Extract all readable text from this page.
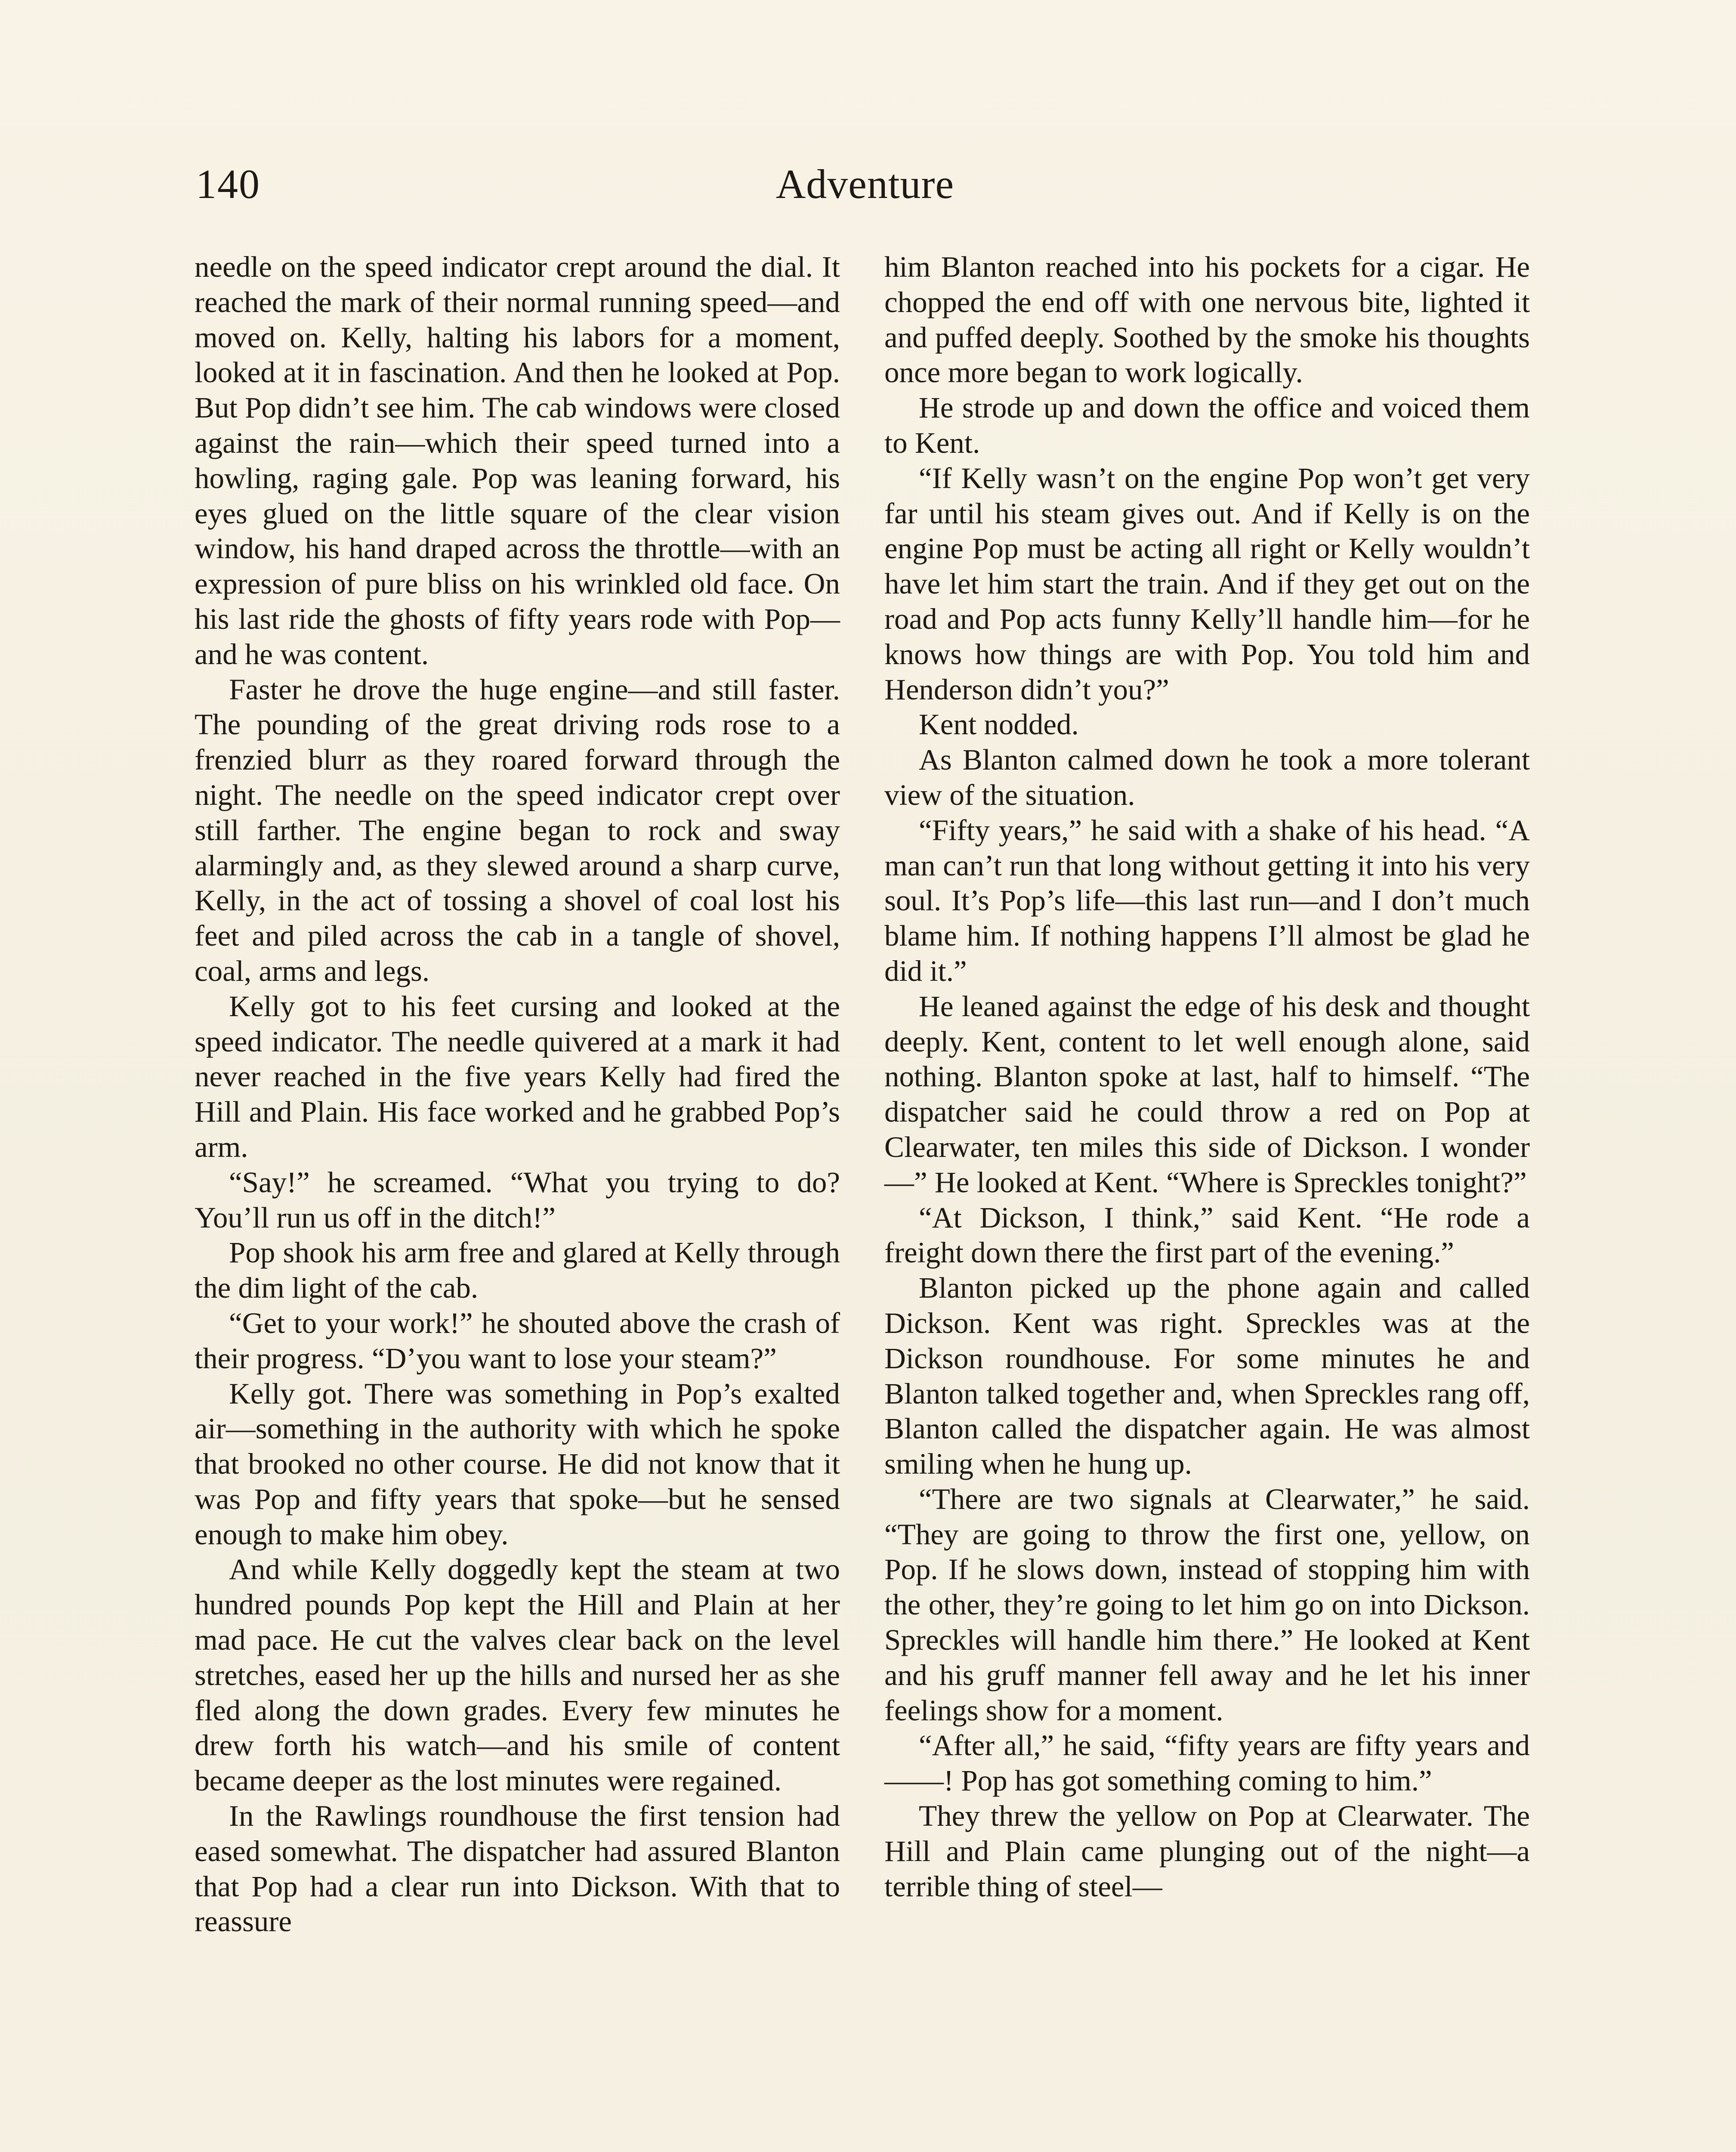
140	Adventure

needle on the speed indicator crept around the dial. It reached the mark of their normal running speed—and moved on. Kelly, halting his labors for a moment, looked at it in fascination. And then he looked at Pop. But Pop didn’t see him. The cab windows were closed against the rain—which their speed turned into a howling, raging gale. Pop was leaning forward, his eyes glued on the little square of the clear vision window, his hand draped across the throttle—with an expression of pure bliss on his wrinkled old face. On his last ride the ghosts of fifty years rode with Pop—and he was content.

Faster he drove the huge engine—and still faster. The pounding of the great driving rods rose to a frenzied blurr as they roared forward through the night. The needle on the speed indicator crept over still farther. The engine began to rock and sway alarmingly and, as they slewed around a sharp curve, Kelly, in the act of tossing a shovel of coal lost his feet and piled across the cab in a tangle of shovel, coal, arms and legs.

Kelly got to his feet cursing and looked at the speed indicator. The needle quivered at a mark it had never reached in the five years Kelly had fired the Hill and Plain. His face worked and he grabbed Pop’s arm.

“Say!” he screamed. “What you trying to do? You’ll run us off in the ditch!”

Pop shook his arm free and glared at Kelly through the dim light of the cab.

“Get to your work!” he shouted above the crash of their progress. “D’you want to lose your steam?”

Kelly got. There was something in Pop’s exalted air—something in the authority with which he spoke that brooked no other course. He did not know that it was Pop and fifty years that spoke—but he sensed enough to make him obey.

And while Kelly doggedly kept the steam at two hundred pounds Pop kept the Hill and Plain at her mad pace. He cut the valves clear back on the level stretches, eased her up the hills and nursed her as she fled along the down grades. Every few minutes he drew forth his watch—and his smile of content became deeper as the lost minutes were regained.

In the Rawlings roundhouse the first tension had eased somewhat. The dispatcher had assured Blanton that Pop had a clear run into Dickson. With that to reassure

him Blanton reached into his pockets for a cigar. He chopped the end off with one nervous bite, lighted it and puffed deeply. Soothed by the smoke his thoughts once more began to work logically.

He strode up and down the office and voiced them to Kent.

“If Kelly wasn’t on the engine Pop won’t get very far until his steam gives out. And if Kelly is on the engine Pop must be acting all right or Kelly wouldn’t have let him start the train. And if they get out on the road and Pop acts funny Kelly’ll handle him—for he knows how things are with Pop. You told him and Henderson didn’t you?”

Kent nodded.

As Blanton calmed down he took a more tolerant view of the situation.

“Fifty years,” he said with a shake of his head. “A man can’t run that long without getting it into his very soul. It’s Pop’s life—this last run—and I don’t much blame him. If nothing happens I’ll almost be glad he did it.”

He leaned against the edge of his desk and thought deeply. Kent, content to let well enough alone, said nothing. Blanton spoke at last, half to himself. “The dispatcher said he could throw a red on Pop at Clearwater, ten miles this side of Dickson. I wonder—” He looked at Kent. “Where is Spreckles tonight?”

“At Dickson, I think,” said Kent. “He rode a freight down there the first part of the evening.”

Blanton picked up the phone again and called Dickson. Kent was right. Spreckles was at the Dickson roundhouse. For some minutes he and Blanton talked together and, when Spreckles rang off, Blanton called the dispatcher again. He was almost smiling when he hung up.

“There are two signals at Clearwater,” he said. “They are going to throw the first one, yellow, on Pop. If he slows down, instead of stopping him with the other, they’re going to let him go on into Dickson. Spreckles will handle him there.” He looked at Kent and his gruff manner fell away and he let his inner feelings show for a moment.

“After all,” he said, “fifty years are fifty years and ——! Pop has got something coming to him.”

They threw the yellow on Pop at Clearwater. The Hill and Plain came plunging out of the night—a terrible thing of steel—
